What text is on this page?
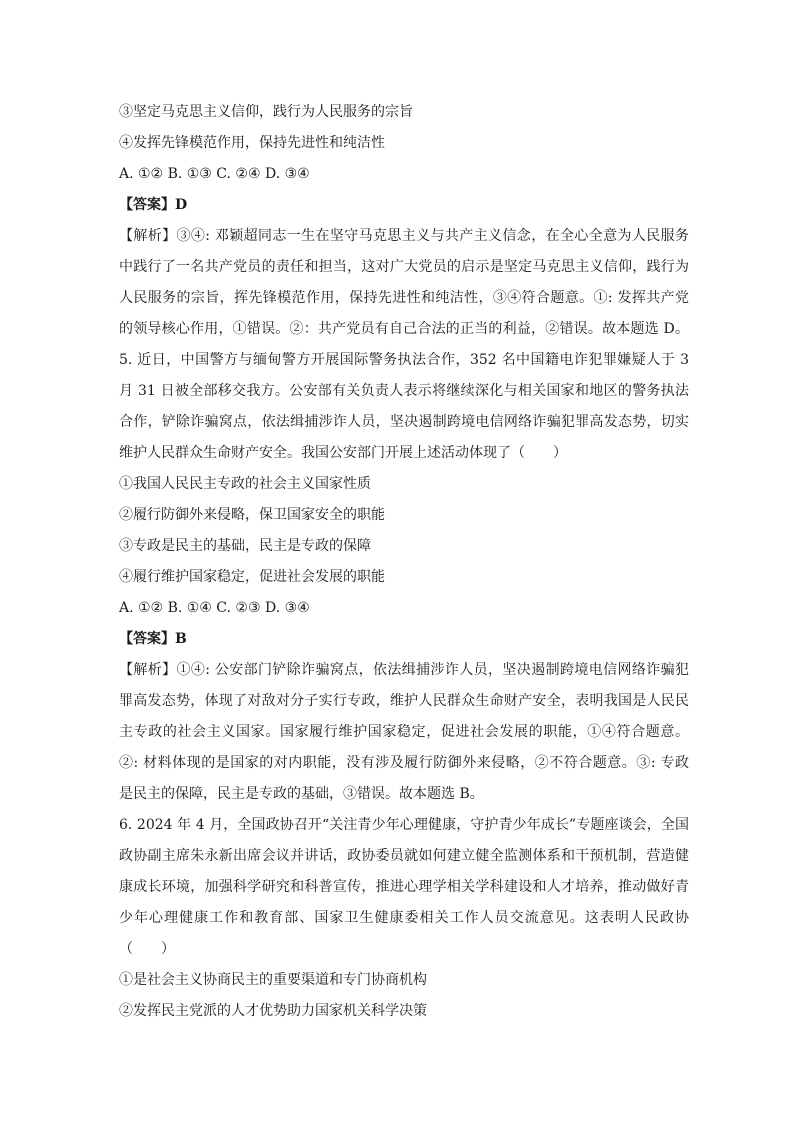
③坚定马克思主义信仰，践行为人民服务的宗旨
④发挥先锋模范作用，保持先进性和纯洁性
A. ①② B. ①③ C. ②④ D. ③④
【答案】D
【解析】③④: 邓颖超同志一生在坚守马克思主义与共产主义信念，在全心全意为人民服务
中践行了一名共产党员的责任和担当，这对广大党员的启示是坚定马克思主义信仰，践行为
人民服务的宗旨，挥先锋模范作用，保持先进性和纯洁性，③④符合题意。①: 发挥共产党
的领导核心作用，①错误。②：共产党员有自己合法的正当的利益，②错误。故本题选 D。
5. 近日，中国警方与缅甸警方开展国际警务执法合作，352 名中国籍电诈犯罪嫌疑人于 3
月 31 日被全部移交我方。公安部有关负责人表示将继续深化与相关国家和地区的警务执法
合作，铲除诈骗窝点，依法缉捕涉诈人员，坚决遏制跨境电信网络诈骗犯罪高发态势，切实
维护人民群众生命财产安全。我国公安部门开展上述活动体现了（　　）
①我国人民民主专政的社会主义国家性质
②履行防御外来侵略，保卫国家安全的职能
③专政是民主的基础，民主是专政的保障
④履行维护国家稳定，促进社会发展的职能
A. ①② B. ①④ C. ②③ D. ③④
【答案】B
【解析】①④: 公安部门铲除诈骗窝点，依法缉捕涉诈人员，坚决遏制跨境电信网络诈骗犯
罪高发态势，体现了对敌对分子实行专政，维护人民群众生命财产安全，表明我国是人民民
主专政的社会主义国家。国家履行维护国家稳定，促进社会发展的职能，①④符合题意。
②: 材料体现的是国家的对内职能，没有涉及履行防御外来侵略，②不符合题意。③: 专政
是民主的保障，民主是专政的基础，③错误。故本题选 B。
6. 2024 年 4 月，全国政协召开“关注青少年心理健康，守护青少年成长”专题座谈会，全国
政协副主席朱永新出席会议并讲话，政协委员就如何建立健全监测体系和干预机制，营造健
康成长环境，加强科学研究和科普宣传，推进心理学相关学科建设和人才培养，推动做好青
少年心理健康工作和教育部、国家卫生健康委相关工作人员交流意见。这表明人民政协
（　　）
①是社会主义协商民主的重要渠道和专门协商机构
②发挥民主党派的人才优势助力国家机关科学决策
